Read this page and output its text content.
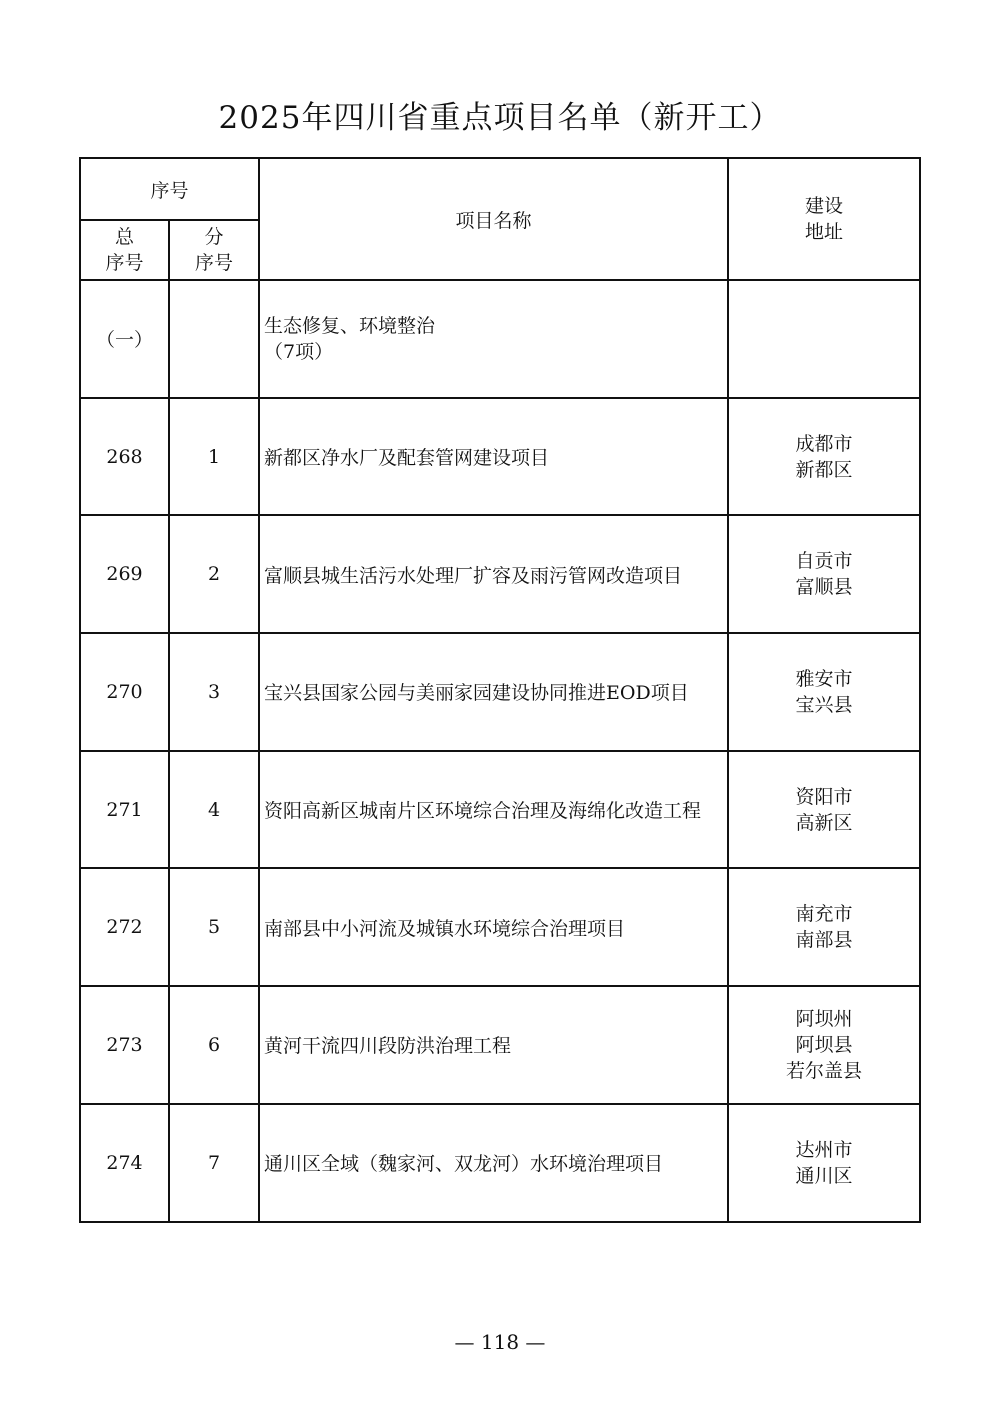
2025年四川省重点项目名单（新开工）
序号		项目名称	建设
地址

总
序号	分
序号		

（一）		生态修复、环境整治
（7项）	

268	1	新都区净水厂及配套管网建设项目	成都市
新都区

269	2	富顺县城生活污水处理厂扩容及雨污管网改造项目	自贡市
富顺县

270	3	宝兴县国家公园与美丽家园建设协同推进EOD项目	雅安市
宝兴县

271	4	资阳高新区城南片区环境综合治理及海绵化改造工程	资阳市
高新区

272	5	南部县中小河流及城镇水环境综合治理项目	南充市
南部县

273	6	黄河干流四川段防洪治理工程	阿坝州
阿坝县
若尔盖县

274	7	通川区全域（魏家河、双龙河）水环境治理项目	达州市
通川区
— 118 —
